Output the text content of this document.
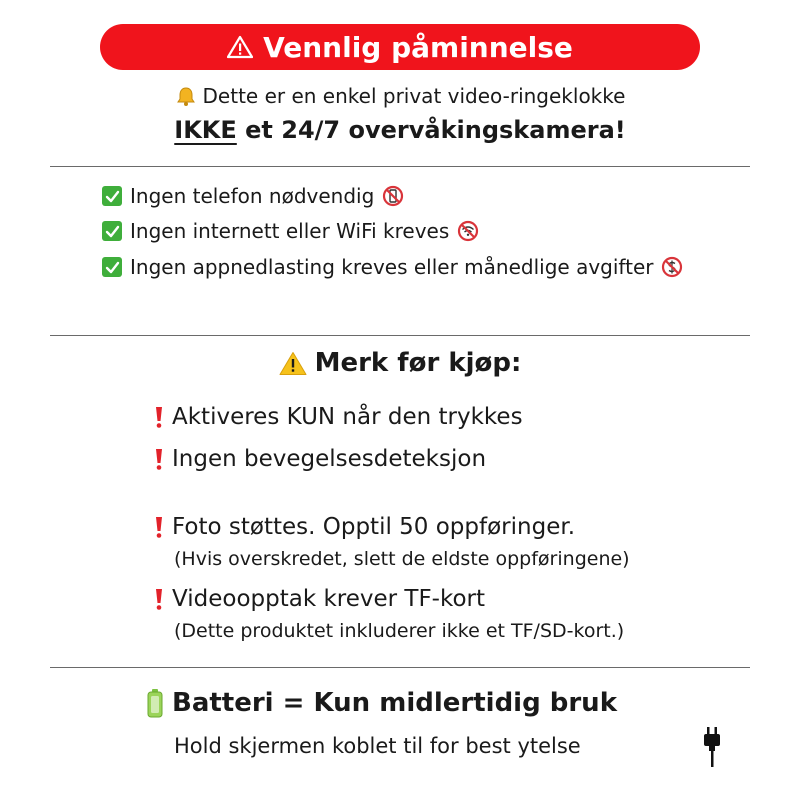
Vennlig påminnelse
Dette er en enkel privat video-ringeklokke
IKKE et 24/7 overvåkingskamera!
Ingen telefon nødvendig
Ingen internett eller WiFi kreves
Ingen appnedlasting kreves eller månedlige avgifter
Merk før kjøp:
Aktiveres KUN når den trykkes
Ingen bevegelsesdeteksjon
Foto støttes. Opptil 50 oppføringer.
(Hvis overskredet, slett de eldste oppføringene)
Videoopptak krever TF-kort
(Dette produktet inkluderer ikke et TF/SD-kort.)
Batteri = Kun midlertidig bruk
Hold skjermen koblet til for best ytelse
